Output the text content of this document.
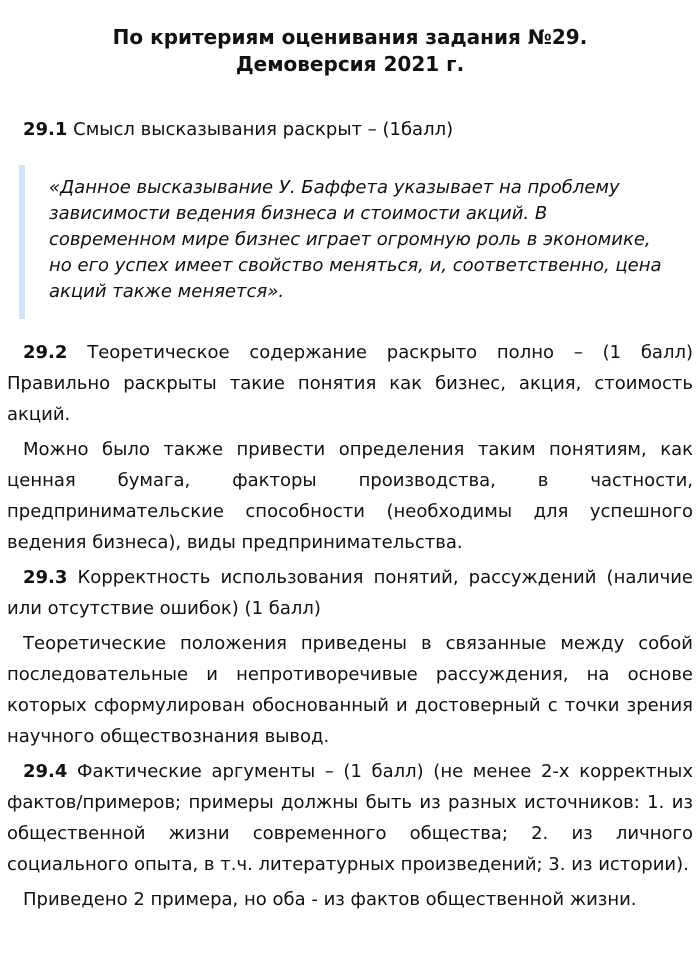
По критериям оценивания задания №29.
Демоверсия 2021 г.

29.1 Смысл высказывания раскрыт – (1балл)

«Данное высказывание У. Баффета указывает на проблему зависимости ведения бизнеса и стоимости акций. В современном мире бизнес играет огромную роль в экономике, но его успех имеет свойство меняться, и, соответственно, цена акций также меняется».

29.2 Теоретическое содержание раскрыто полно – (1 балл) Правильно раскрыты такие понятия как бизнес, акция, стоимость акций.

Можно было также привести определения таким понятиям, как ценная бумага, факторы производства, в частности, предпринимательские способности (необходимы для успешного ведения бизнеса), виды предпринимательства.

29.3 Корректность использования понятий, рассуждений (наличие или отсутствие ошибок) (1 балл)

Теоретические положения приведены в связанные между собой последовательные и непротиворечивые рассуждения, на основе которых сформулирован обоснованный и достоверный с точки зрения научного обществознания вывод.

29.4 Фактические аргументы – (1 балл) (не менее 2-х корректных фактов/примеров; примеры должны быть из разных источников: 1. из общественной жизни современного общества; 2. из личного социального опыта, в т.ч. литературных произведений; 3. из истории).

Приведено 2 примера, но оба - из фактов общественной жизни.
